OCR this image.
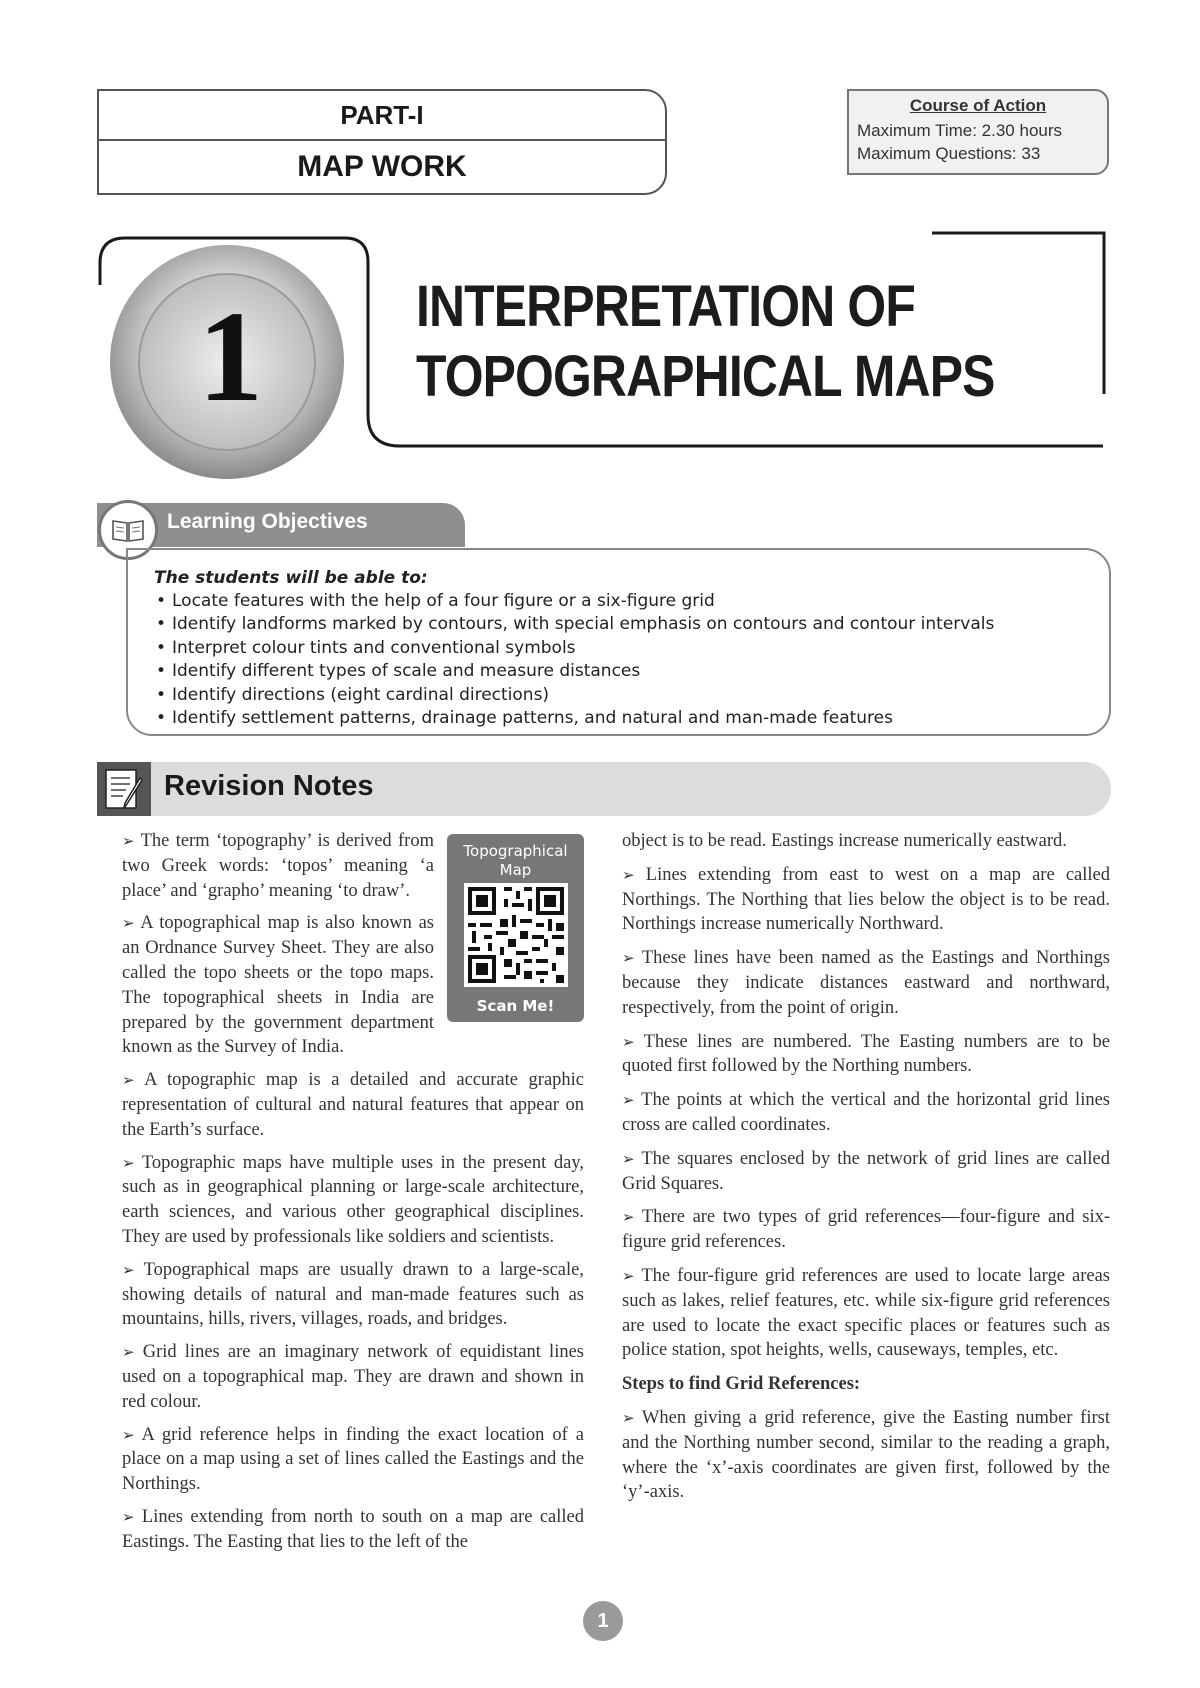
PART-I
MAP WORK
Course of Action
Maximum Time: 2.30 hours
Maximum Questions: 33
1	INTERPRETATION OF
TOPOGRAPHICAL MAPS
Learning Objectives
The students will be able to:
• Locate features with the help of a four figure or a six-figure grid
• Identify landforms marked by contours, with special emphasis on contours and contour intervals
• Interpret colour tints and conventional symbols
• Identify different types of scale and measure distances
• Identify directions (eight cardinal directions)
• Identify settlement patterns, drainage patterns, and natural and man-made features
Revision Notes
Topographical Map
Scan Me!

➢ The term ‘topography’ is derived from two Greek words: ‘topos’ meaning ‘a place’ and ‘grapho’ meaning ‘to draw’.

➢ A topographical map is also known as an Ordnance Survey Sheet. They are also called the topo sheets or the topo maps. The topographical sheets in India are prepared by the government department known as the Survey of India.

➢ A topographic map is a detailed and accurate graphic representation of cultural and natural features that appear on the Earth’s surface.

➢ Topographic maps have multiple uses in the present day, such as in geographical planning or large-scale architecture, earth sciences, and various other geographical disciplines. They are used by professionals like soldiers and scientists.

➢ Topographical maps are usually drawn to a large-scale, showing details of natural and man-made features such as mountains, hills, rivers, villages, roads, and bridges.

➢ Grid lines are an imaginary network of equidistant lines used on a topographical map. They are drawn and shown in red colour.

➢ A grid reference helps in finding the exact location of a place on a map using a set of lines called the Eastings and the Northings.

➢ Lines extending from north to south on a map are called Eastings. The Easting that lies to the left of the

object is to be read. Eastings increase numerically eastward.

➢ Lines extending from east to west on a map are called Northings. The Northing that lies below the object is to be read. Northings increase numerically Northward.

➢ These lines have been named as the Eastings and Northings because they indicate distances eastward and northward, respectively, from the point of origin.

➢ These lines are numbered. The Easting numbers are to be quoted first followed by the Northing numbers.

➢ The points at which the vertical and the horizontal grid lines cross are called coordinates.

➢ The squares enclosed by the network of grid lines are called Grid Squares.

➢ There are two types of grid references—four-figure and six-figure grid references.

➢ The four-figure grid references are used to locate large areas such as lakes, relief features, etc. while six-figure grid references are used to locate the exact specific places or features such as police station, spot heights, wells, causeways, temples, etc.

Steps to find Grid References:

➢ When giving a grid reference, give the Easting number first and the Northing number second, similar to the reading a graph, where the ‘x’-axis coordinates are given first, followed by the ‘y’-axis.

1
